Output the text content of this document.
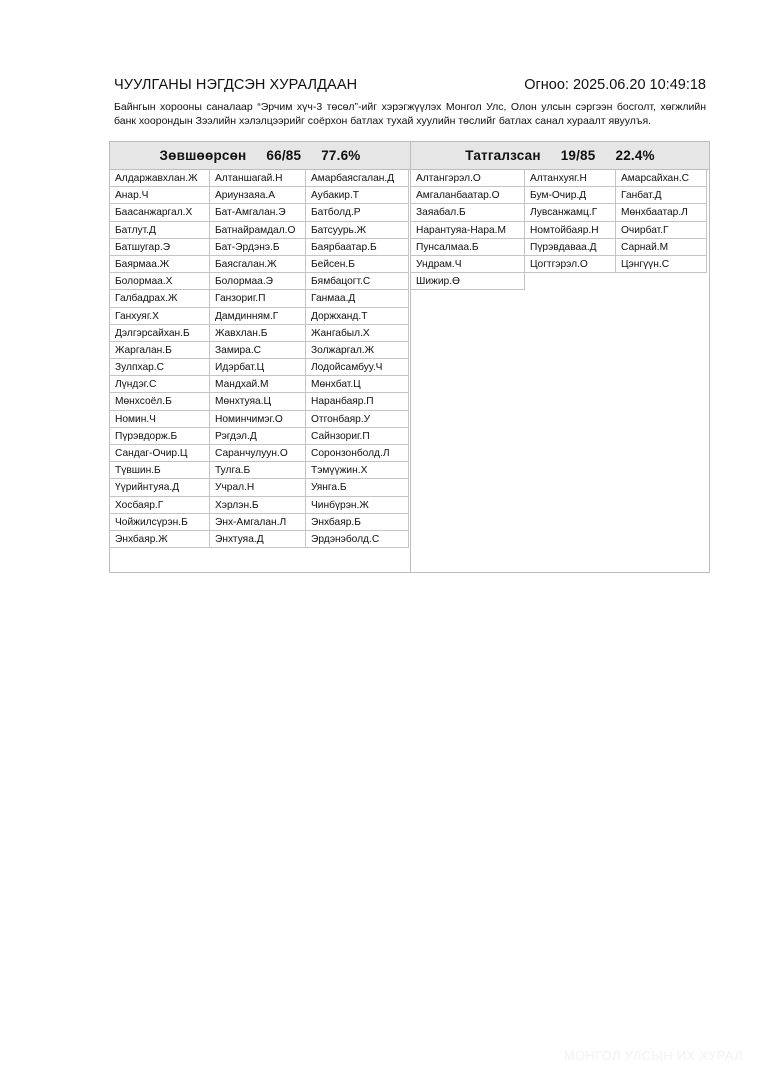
ЧУУЛГАНЫ НЭГДСЭН ХУРАЛДААН	Огноо: 2025.06.20 10:49:18
Байнгын хорооны саналаар “Эрчим хүч-3 төсөл”-ийг хэрэгжүүлэх Монгол Улс, Олон улсын сэргээн босголт, хөгжлийн банк хоорондын Зээлийн хэлэлцээрийг соёрхон батлах тухай хуулийн төслийг батлах санал хураалт явуулъя.
Зөвшөөрсөн 66/85 77.6%
Алдаржавхлан.Ж	Алтаншагай.Н	Амарбаясгалан.Д
Анар.Ч	Ариунзаяа.А	Аубакир.Т
Баасанжаргал.Х	Бат-Амгалан.Э	Батболд.Р
Батлут.Д	Батнайрамдал.О	Батсуурь.Ж
Батшугар.Э	Бат-Эрдэнэ.Б	Баярбаатар.Б
Баярмаа.Ж	Баясгалан.Ж	Бейсен.Б
Болормаа.Х	Болормаа.Э	Бямбацогт.С
Галбадрах.Ж	Ганзориг.П	Ганмаа.Д
Ганхуяг.Х	Дамдинням.Г	Доржханд.Т
Дэлгэрсайхан.Б	Жавхлан.Б	Жангабыл.Х
Жаргалан.Б	Замира.С	Золжаргал.Ж
Зулпхар.С	Идэрбат.Ц	Лодойсамбуу.Ч
Лүндэг.С	Мандхай.М	Мөнхбат.Ц
Мөнхсоёл.Б	Мөнхтуяа.Ц	Наранбаяр.П
Номин.Ч	Номинчимэг.О	Отгонбаяр.У
Пүрэвдорж.Б	Рэгдэл.Д	Сайнзориг.П
Сандаг-Очир.Ц	Саранчулуун.О	Соронзонболд.Л
Түвшин.Б	Тулга.Б	Тэмүүжин.Х
Үүрийнтуяа.Д	Учрал.Н	Уянга.Б
Хосбаяр.Г	Хэрлэн.Б	Чинбүрэн.Ж
Чойжилсүрэн.Б	Энх-Амгалан.Л	Энхбаяр.Б
Энхбаяр.Ж	Энхтуяа.Д	Эрдэнэболд.С
Татгалзсан 19/85 22.4%
Алтангэрэл.О	Алтанхуяг.Н	Амарсайхан.С
Амгаланбаатар.О	Бум-Очир.Д	Ганбат.Д
Заяабал.Б	Лувсанжамц.Г	Мөнхбаатар.Л
Нарантуяа-Нара.М	Номтойбаяр.Н	Очирбат.Г
Пунсалмаа.Б	Пүрэвдаваа.Д	Сарнай.М
Ундрам.Ч	Цогтгэрэл.О	Цэнгүүн.С
Шижир.Ө
МОНГОЛ УЛСЫН ИХ ХУРАЛ
